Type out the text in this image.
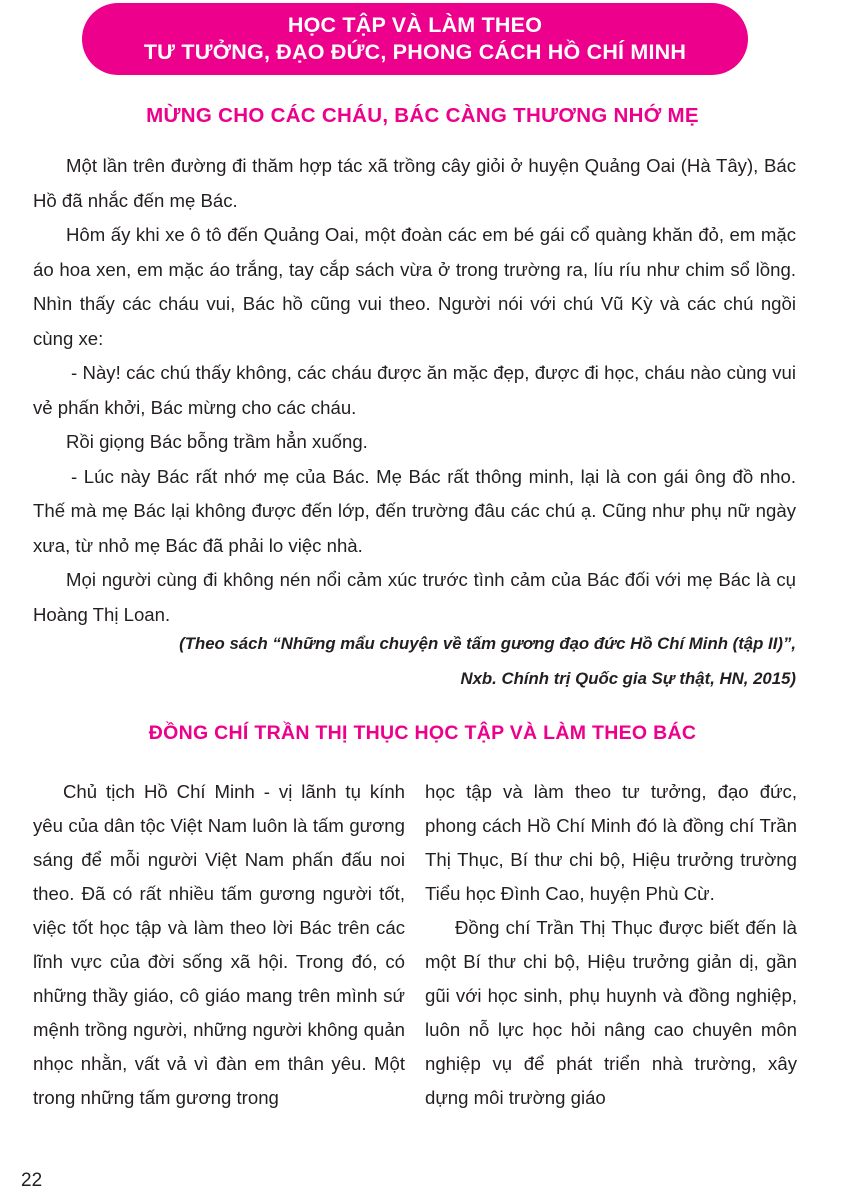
HỌC TẬP VÀ LÀM THEO
TƯ TƯỞNG, ĐẠO ĐỨC, PHONG CÁCH HỒ CHÍ MINH
MỪNG CHO CÁC CHÁU, BÁC CÀNG THƯƠNG NHỚ MẸ

Một lần trên đường đi thăm hợp tác xã trồng cây giỏi ở huyện Quảng Oai (Hà Tây), Bác Hồ đã nhắc đến mẹ Bác.

Hôm ấy khi xe ô tô đến Quảng Oai, một đoàn các em bé gái cổ quàng khăn đỏ, em mặc áo hoa xen, em mặc áo trắng, tay cắp sách vừa ở trong trường ra, líu ríu như chim sổ lồng. Nhìn thấy các cháu vui, Bác hồ cũng vui theo. Người nói với chú Vũ Kỳ và các chú ngồi cùng xe:

- Này! các chú thấy không, các cháu được ăn mặc đẹp, được đi học, cháu nào cùng vui vẻ phấn khởi, Bác mừng cho các cháu.

Rồi giọng Bác bỗng trầm hẳn xuống.

- Lúc này Bác rất nhớ mẹ của Bác. Mẹ Bác rất thông minh, lại là con gái ông đồ nho. Thế mà mẹ Bác lại không được đến lớp, đến trường đâu các chú ạ. Cũng như phụ nữ ngày xưa, từ nhỏ mẹ Bác đã phải lo việc nhà.

Mọi người cùng đi không nén nổi cảm xúc trước tình cảm của Bác đối với mẹ Bác là cụ Hoàng Thị Loan.

(Theo sách “Những mẩu chuyện về tấm gương đạo đức Hồ Chí Minh (tập II)”,
Nxb. Chính trị Quốc gia Sự thật, HN, 2015)
ĐỒNG CHÍ TRẦN THỊ THỤC HỌC TẬP VÀ LÀM THEO BÁC

Chủ tịch Hồ Chí Minh - vị lãnh tụ kính yêu của dân tộc Việt Nam luôn là tấm gương sáng để mỗi người Việt Nam phấn đấu noi theo. Đã có rất nhiều tấm gương người tốt, việc tốt học tập và làm theo lời Bác trên các lĩnh vực của đời sống xã hội. Trong đó, có những thầy giáo, cô giáo mang trên mình sứ mệnh trồng người, những người không quản nhọc nhằn, vất vả vì đàn em thân yêu. Một trong những tấm gương trong

học tập và làm theo tư tưởng, đạo đức, phong cách Hồ Chí Minh đó là đồng chí Trần Thị Thục, Bí thư chi bộ, Hiệu trưởng trường Tiểu học Đình Cao, huyện Phù Cừ.

Đồng chí Trần Thị Thục được biết đến là một Bí thư chi bộ, Hiệu trưởng giản dị, gần gũi với học sinh, phụ huynh và đồng nghiệp, luôn nỗ lực học hỏi nâng cao chuyên môn nghiệp vụ để phát triển nhà trường, xây dựng môi trường giáo

22
